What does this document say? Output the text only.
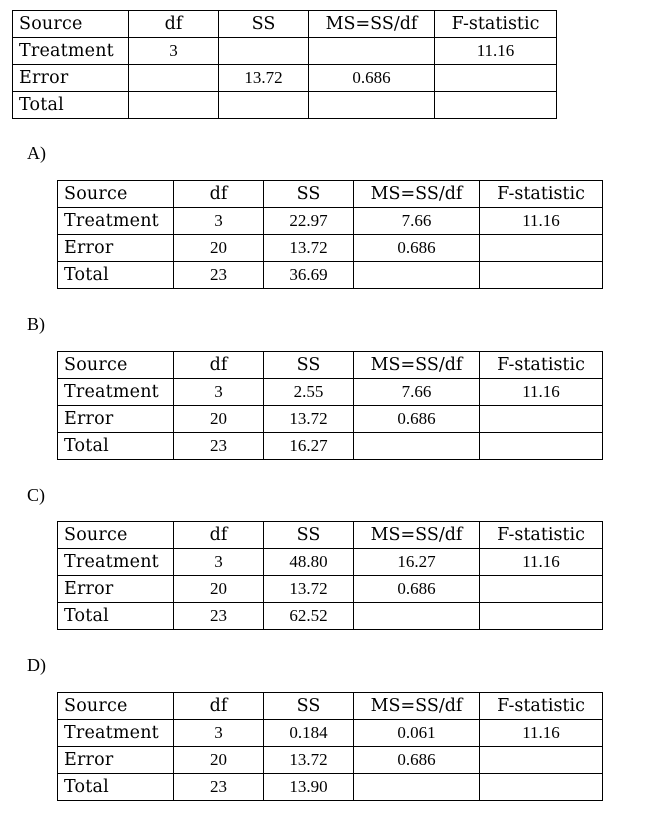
Source	df	SS	MS=SS/df	F-statistic
Treatment	3			11.16
Error		13.72	0.686	
Total				
A)
Source	df	SS	MS=SS/df	F-statistic
Treatment	3	22.97	7.66	11.16
Error	20	13.72	0.686	
Total	23	36.69		
B)
Source	df	SS	MS=SS/df	F-statistic
Treatment	3	2.55	7.66	11.16
Error	20	13.72	0.686	
Total	23	16.27		
C)
Source	df	SS	MS=SS/df	F-statistic
Treatment	3	48.80	16.27	11.16
Error	20	13.72	0.686	
Total	23	62.52		
D)
Source	df	SS	MS=SS/df	F-statistic
Treatment	3	0.184	0.061	11.16
Error	20	13.72	0.686	
Total	23	13.90		
